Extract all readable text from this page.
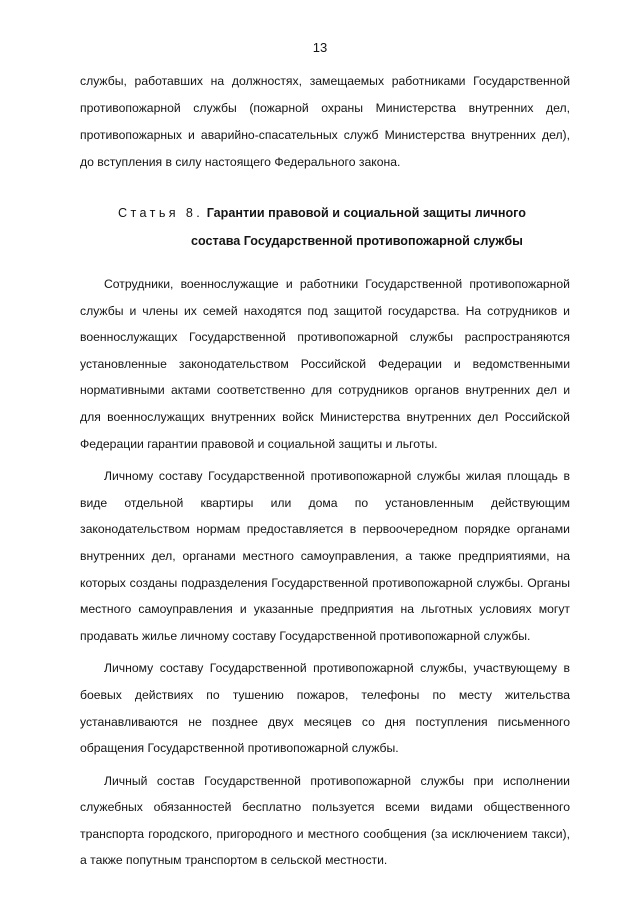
13
службы, работавших на должностях, замещаемых работниками Государственной противопожарной службы (пожарной охраны Министерства внутренних дел, противопожарных и аварийно-спасательных служб Министерства внутренних дел), до вступления в силу настоящего Федерального закона.
Статья 8. Гарантии правовой и социальной защиты личного
состава Государственной противопожарной службы

Сотрудники, военнослужащие и работники Государственной противопожарной службы и члены их семей находятся под защитой государства. На сотрудников и военнослужащих Государственной противопожарной службы распространяются установленные законодательством Российской Федерации и ведомственными нормативными актами соответственно для сотрудников органов внутренних дел и для военнослужащих внутренних войск Министерства внутренних дел Российской Федерации гарантии правовой и социальной защиты и льготы.

Личному составу Государственной противопожарной службы жилая площадь в виде отдельной квартиры или дома по установленным действующим законодательством нормам предоставляется в первоочередном порядке органами внутренних дел, органами местного самоуправления, а также предприятиями, на которых созданы подразделения Государственной противопожарной службы. Органы местного самоуправления и указанные предприятия на льготных условиях могут продавать жилье личному составу Государственной противопожарной службы.

Личному составу Государственной противопожарной службы, участвующему в боевых действиях по тушению пожаров, телефоны по месту жительства устанавливаются не позднее двух месяцев со дня поступления письменного обращения Государственной противопожарной службы.

Личный состав Государственной противопожарной службы при исполнении служебных обязанностей бесплатно пользуется всеми видами общественного транспорта городского, пригородного и местного сообщения (за исключением такси), а также попутным транспортом в сельской местности.
